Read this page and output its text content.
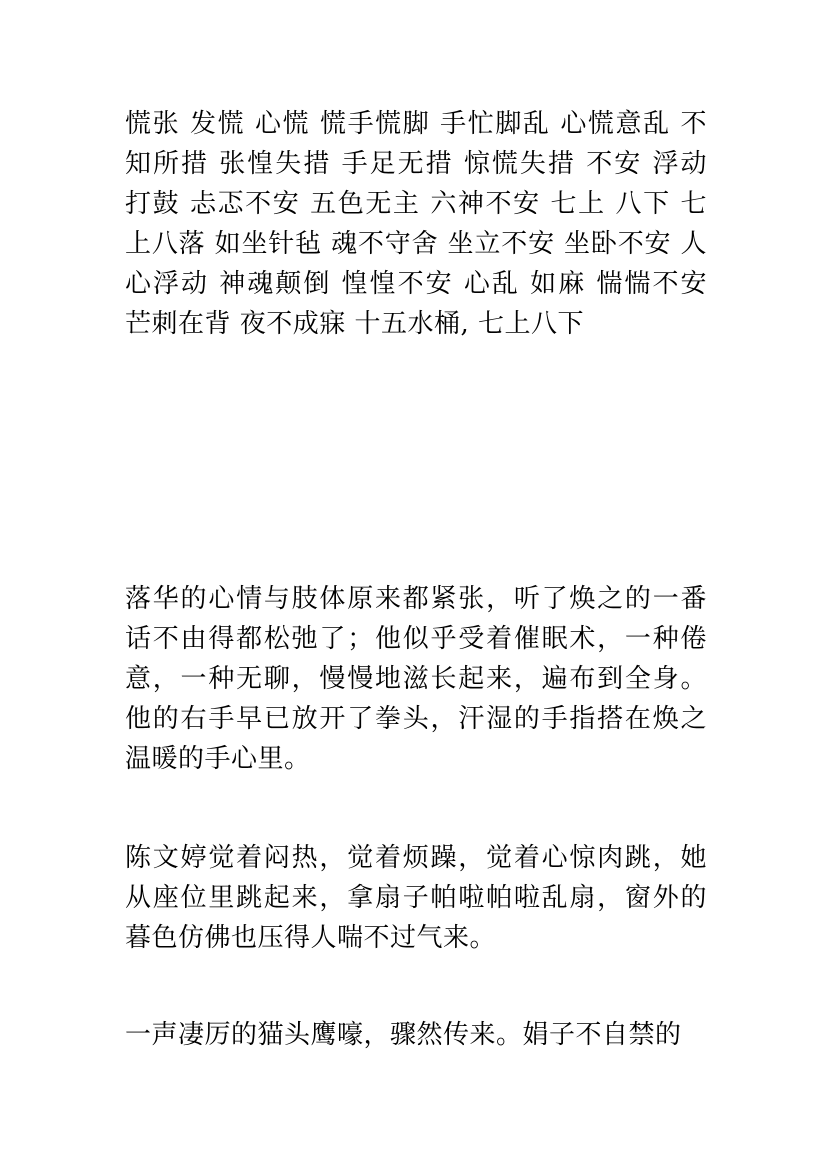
慌张 发慌 心慌 慌手慌脚 手忙脚乱 心慌意乱 不知所措 张惶失措 手足无措 惊慌失措 不安 浮动 打鼓 忐忑不安 五色无主 六神不安 七上 八下 七上八落 如坐针毡 魂不守舍 坐立不安 坐卧不安 人心浮动 神魂颠倒 惶惶不安 心乱 如麻 惴惴不安 芒刺在背 夜不成寐 十五水桶, 七上八下

落华的心情与肢体原来都紧张，听了焕之的一番话不由得都松弛了；他似乎受着催眠术，一种倦意，一种无聊，慢慢地滋长起来，遍布到全身。他的右手早已放开了拳头，汗湿的手指搭在焕之温暖的手心里。

陈文婷觉着闷热，觉着烦躁，觉着心惊肉跳，她从座位里跳起来，拿扇子帕啦帕啦乱扇，窗外的暮色仿佛也压得人喘不过气来。

一声凄厉的猫头鹰嚎，骤然传来。娟子不自禁的
